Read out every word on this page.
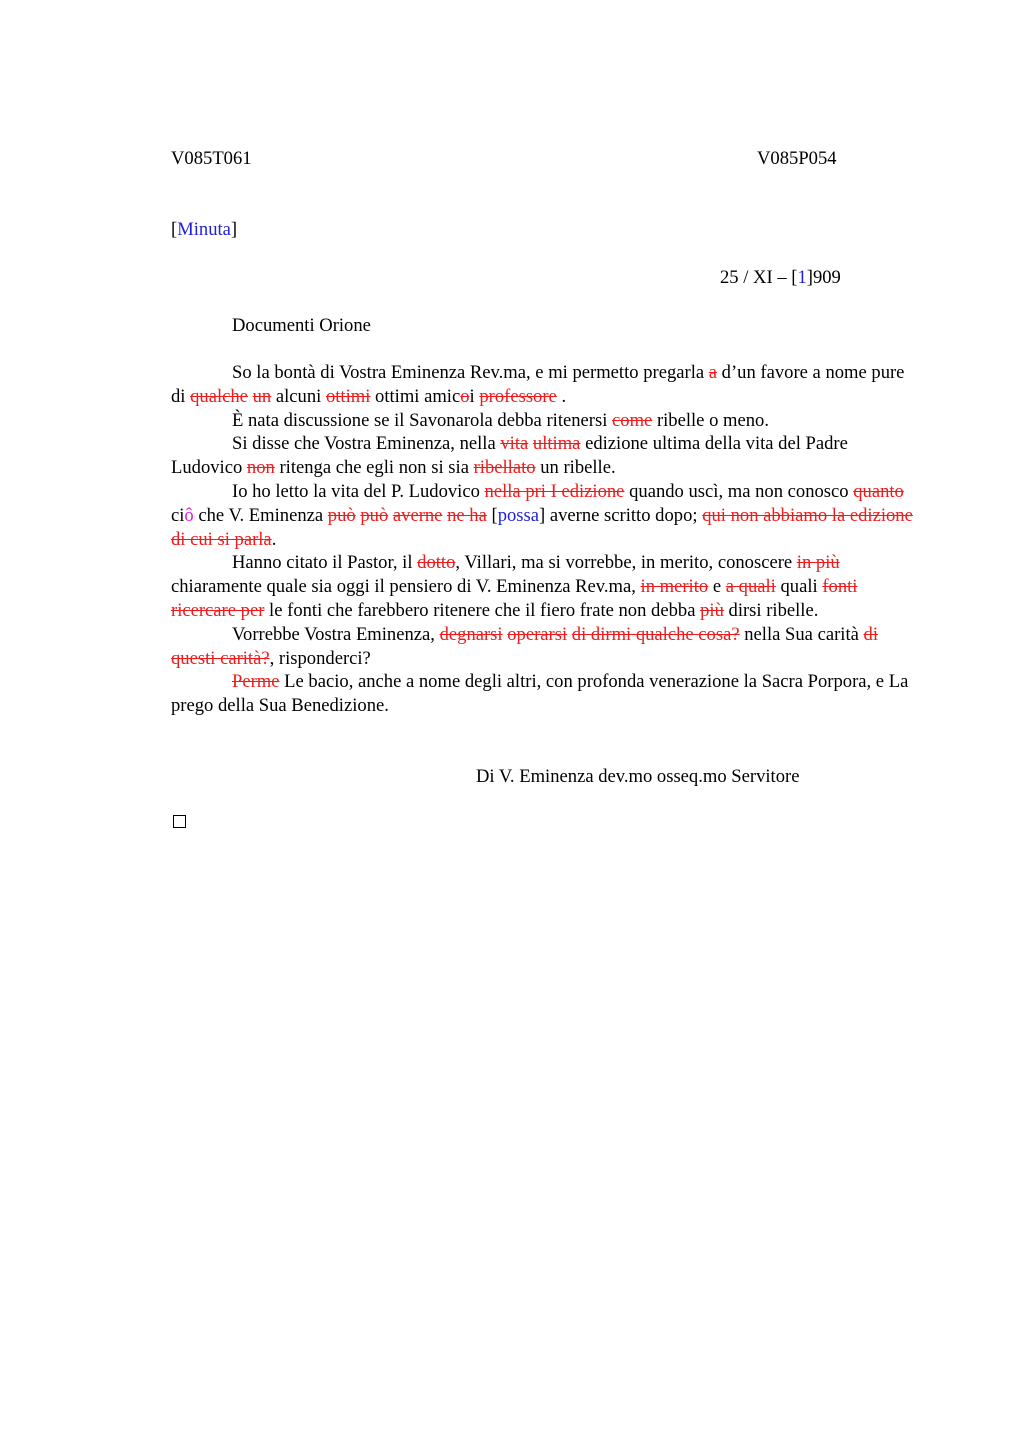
V085T061	V085P054
[Minuta]
25 / XI – [1]909
Documenti Orione

So la bontà di Vostra Eminenza Rev.ma, e mi permetto pregarla a d’un favore a nome pure di qualche un alcuni ottimi ottimi amicoi professore .

È nata discussione se il Savonarola debba ritenersi come ribelle o meno.

Si disse che Vostra Eminenza, nella vita ultima edizione ultima della vita del Padre Ludovico non ritenga che egli non si sia ribellato un ribelle.

Io ho letto la vita del P. Ludovico nella pri I edizione quando uscì, ma non conosco quanto ciô che V. Eminenza può può averne ne ha [possa] averne scritto dopo; qui non abbiamo la edizione di cui si parla.

Hanno citato il Pastor, il dotto, Villari, ma si vorrebbe, in merito, conoscere in più chiaramente quale sia oggi il pensiero di V. Eminenza Rev.ma, in merito e a quali quali fonti ricercare per le fonti che farebbero ritenere che il fiero frate non debba più dirsi ribelle.

Vorrebbe Vostra Eminenza, degnarsi operarsi di dirmi qualche cosa? nella Sua carità di questi carità?, risponderci?

Perme Le bacio, anche a nome degli altri, con profonda venerazione la Sacra Porpora, e La prego della Sua Benedizione.

Di V. Eminenza dev.mo osseq.mo Servitore
